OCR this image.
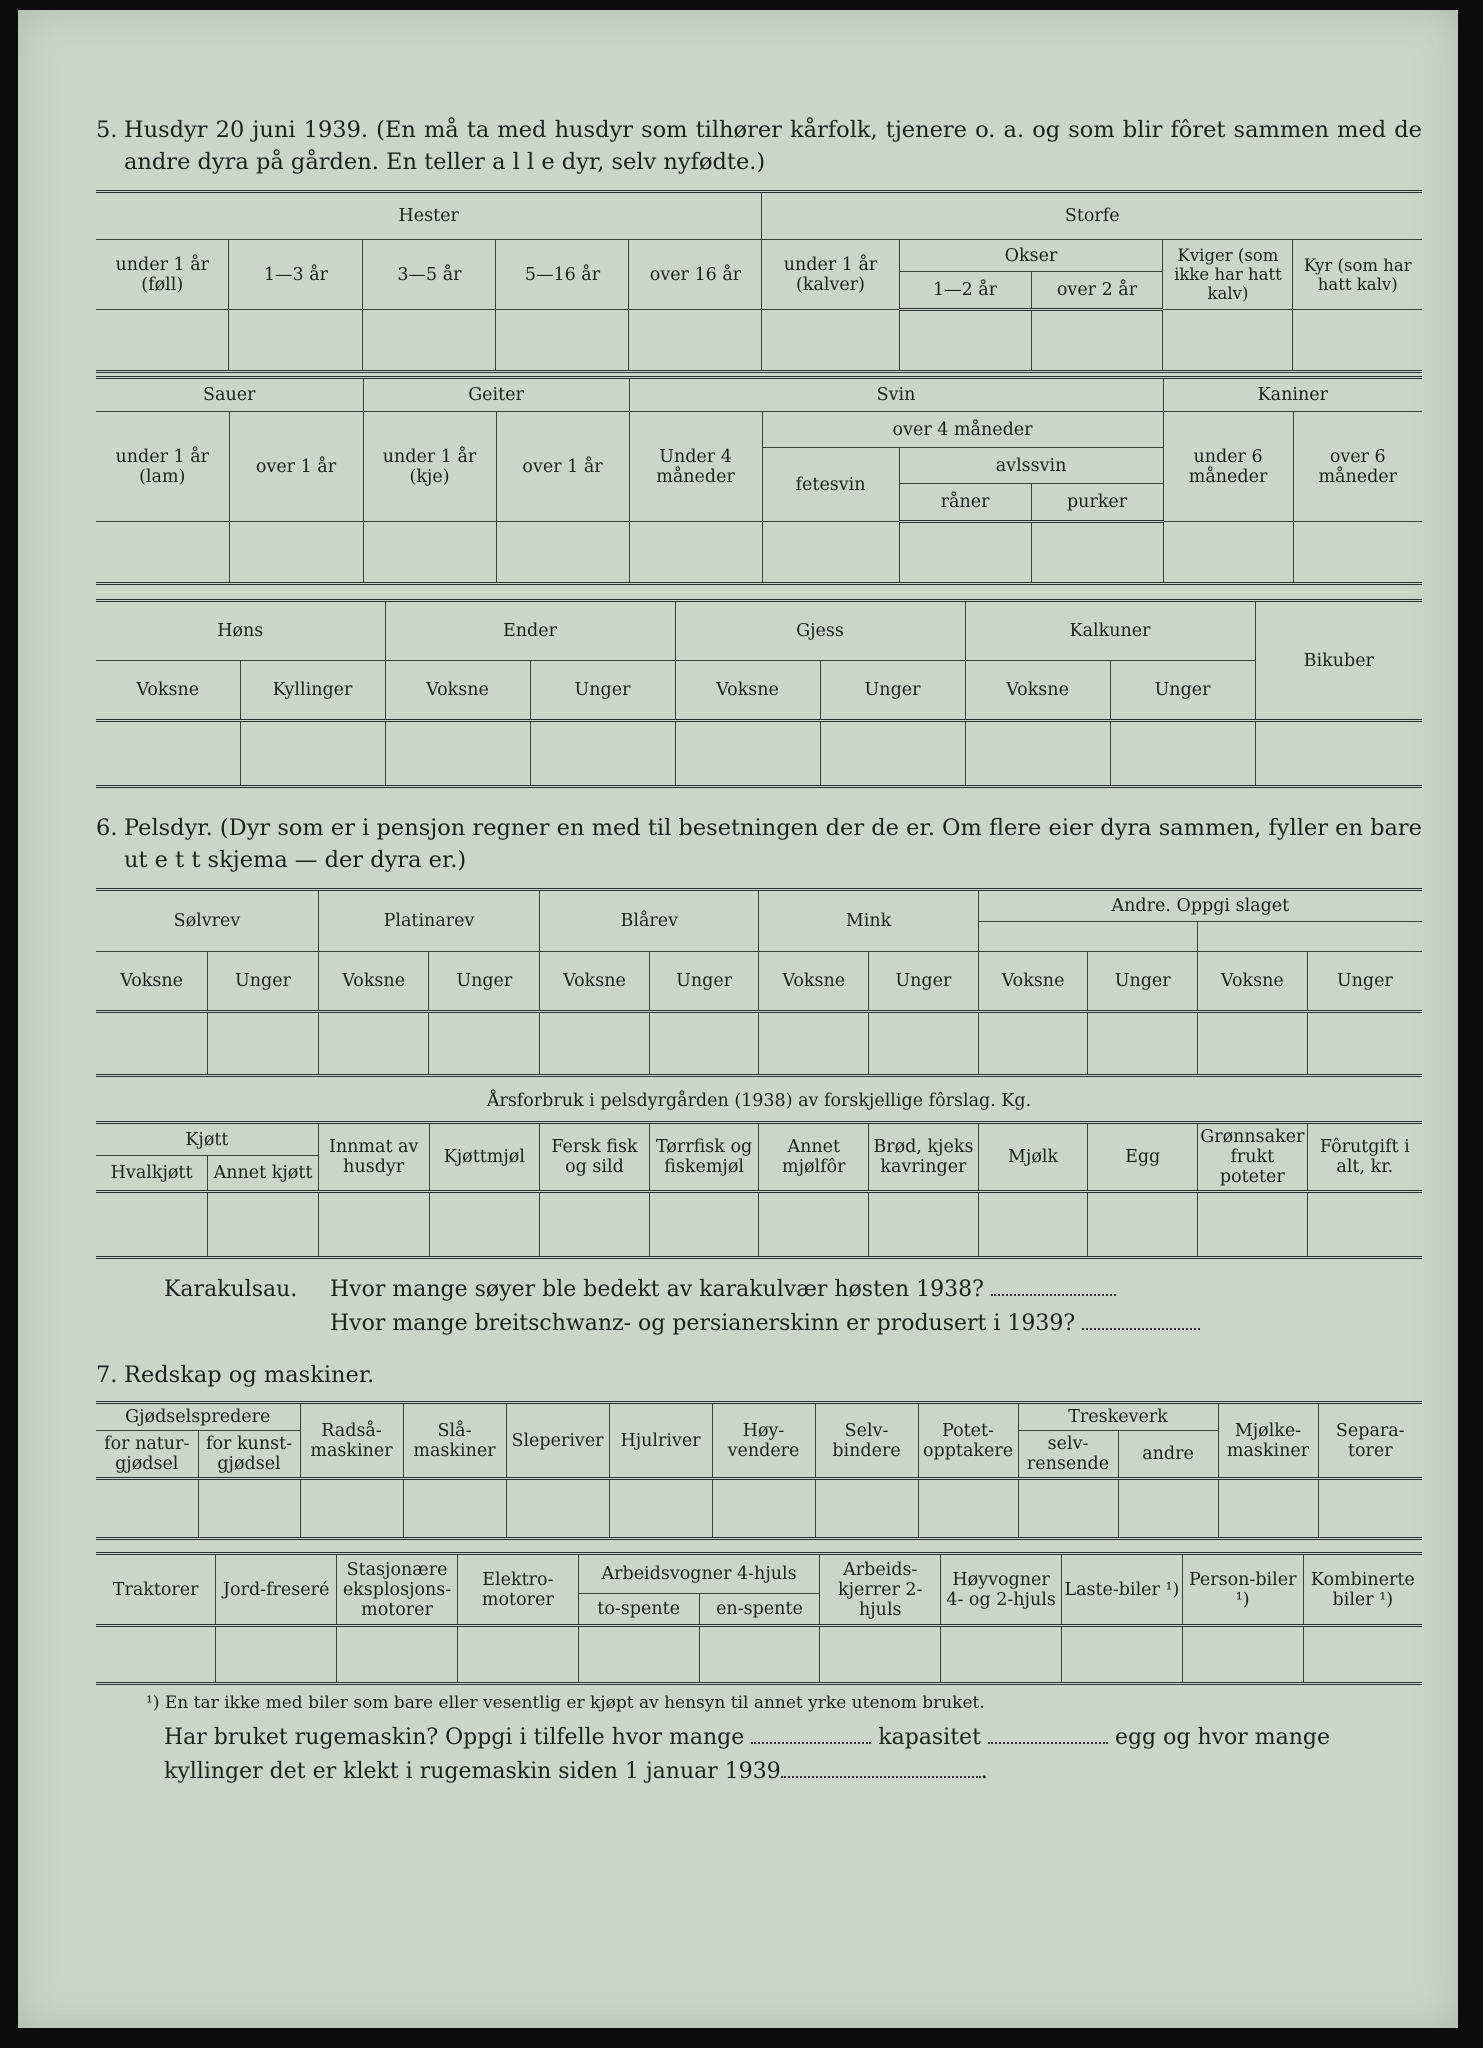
5. Husdyr 20 juni 1939. (En må ta med husdyr som tilhører kårfolk, tjenere o. a. og som blir fôret sammen med de andre dyra på gården. En teller a l l e dyr, selv nyfødte.)

Hester					Storfe				
under 1 år (føll)	1—3 år	3—5 år	5—16 år	over 16 år	under 1 år (kalver)	Okser		Kviger (som ikke har hatt kalv)	Kyr (som har hatt kalv)
						1—2 år	over 2 år		

Sauer		Geiter		Svin				Kaniner	
under 1 år (lam)	over 1 år	under 1 år (kje)	over 1 år	Under 4 måneder	over 4 måneder			under 6 måneder	over 6 måneder
					fetesvin	avlssvin			
						råner	purker		

Høns		Ender		Gjess		Kalkuner		Bikuber
Voksne	Kyllinger	Voksne	Unger	Voksne	Unger	Voksne	Unger	

6. Pelsdyr. (Dyr som er i pensjon regner en med til besetningen der de er. Om flere eier dyra sammen, fyller en bare ut e t t skjema — der dyra er.)

Sølvrev		Platinarev		Blårev		Mink		Andre. Oppgi slaget			

Voksne	Unger	Voksne	Unger	Voksne	Unger	Voksne	Unger	Voksne	Unger	Voksne	Unger

Årsforbruk i pelsdyrgården (1938) av forskjellige fôrslag. Kg.
Kjøtt		Innmat av husdyr	Kjøttmjøl	Fersk fisk og sild	Tørrfisk og fiskemjøl	Annet mjølfôr	Brød, kjeks kavringer	Mjølk	Egg	Grønnsaker frukt poteter	Fôrutgift i alt, kr.
Hvalkjøtt	Annet kjøtt										

Karakulsau. Hvor mange søyer ble bedekt av karakulvær høsten 1938?
Hvor mange breitschwanz- og persianerskinn er produsert i 1939?

7. Redskap og maskiner.

Gjødselspredere		Radså-maskiner	Slå-maskiner	Sleperiver	Hjulriver	Høy-vendere	Selv-bindere	Potet-opptakere	Treskeverk		Mjølke-maskiner	Separa-torer
for natur-gjødsel	for kunst-gjødsel								selv-rensende	andre		

Traktorer	Jord-freseré	Stasjonære eksplosjons-motorer	Elektro-motorer	Arbeidsvogner 4-hjuls		Arbeids-kjerrer 2-hjuls	Høyvogner 4- og 2-hjuls	Laste-biler ¹)	Person-biler ¹)	Kombinerte biler ¹)
				to-spente	en-spente					

¹) En tar ikke med biler som bare eller vesentlig er kjøpt av hensyn til annet yrke utenom bruket.
Har bruket rugemaskin? Oppgi i tilfelle hvor mange	kapasitet	egg og hvor mange
kyllinger det er klekt i rugemaskin siden 1 januar 1939	.
